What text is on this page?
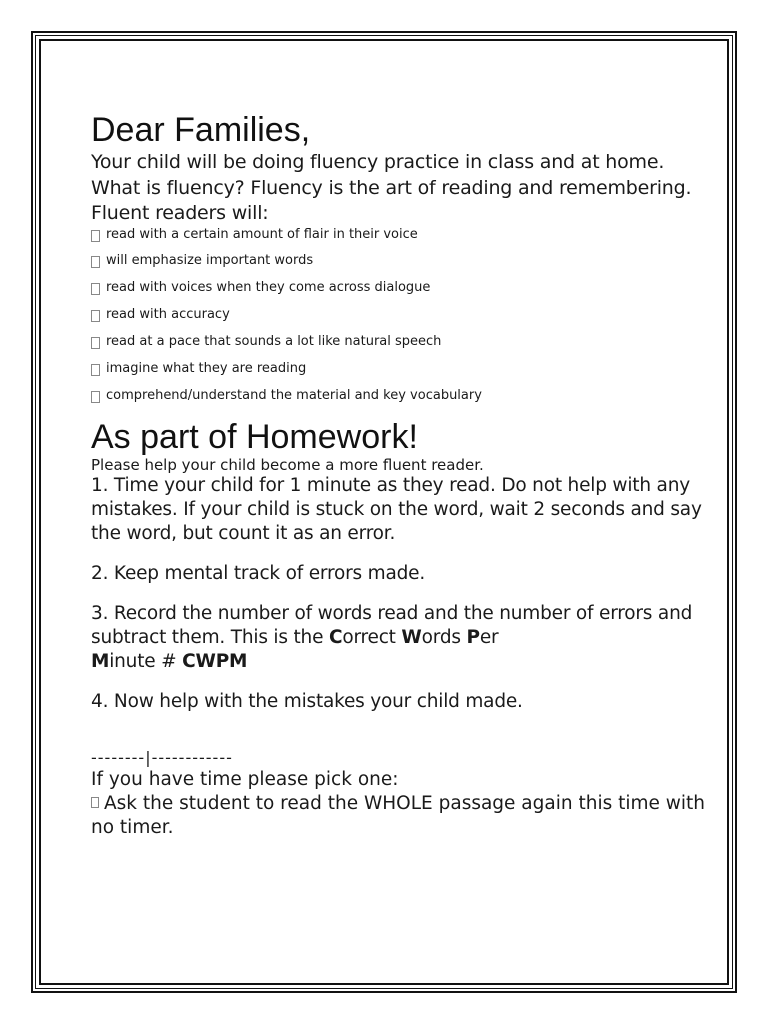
Dear Families,

Your child will be doing fluency practice in class and at home. What is fluency? Fluency is the art of reading and remembering. Fluent readers will:

read with a certain amount of flair in their voice
will emphasize important words
read with voices when they come across dialogue
read with accuracy
read at a pace that sounds a lot like natural speech
imagine what they are reading
comprehend/understand the material and key vocabulary
As part of Homework!

Please help your child become a more fluent reader.

1. Time your child for 1 minute as they read. Do not help with any mistakes. If your child is stuck on the word, wait 2 seconds and say the word, but count it as an error.

2. Keep mental track of errors made.

3. Record the number of words read and the number of errors and subtract them. This is the Correct Words Per
Minute # CWPM

4. Now help with the mistakes your child made.

--------|------------

If you have time please pick one:

Ask the student to read the WHOLE passage again this time with no timer.
